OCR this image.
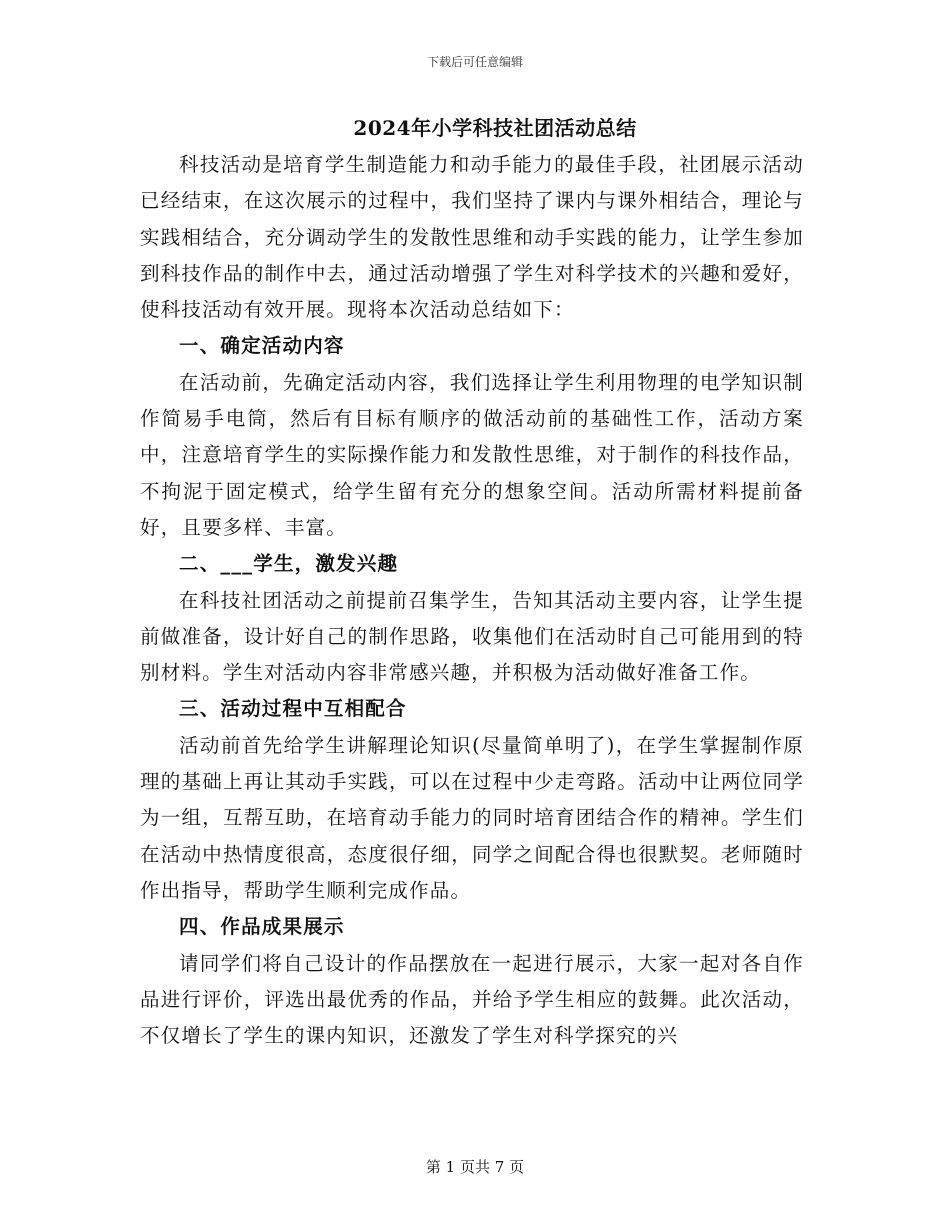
下载后可任意编辑
2024年小学科技社团活动总结

科技活动是培育学生制造能力和动手能力的最佳手段，社团展示活动已经结束，在这次展示的过程中，我们坚持了课内与课外相结合，理论与实践相结合，充分调动学生的发散性思维和动手实践的能力，让学生参加到科技作品的制作中去，通过活动增强了学生对科学技术的兴趣和爱好，使科技活动有效开展。现将本次活动总结如下：

一、确定活动内容

在活动前，先确定活动内容，我们选择让学生利用物理的电学知识制作简易手电筒，然后有目标有顺序的做活动前的基础性工作，活动方案中，注意培育学生的实际操作能力和发散性思维，对于制作的科技作品，不拘泥于固定模式，给学生留有充分的想象空间。活动所需材料提前备好，且要多样、丰富。

二、___学生，激发兴趣

在科技社团活动之前提前召集学生，告知其活动主要内容，让学生提前做准备，设计好自己的制作思路，收集他们在活动时自己可能用到的特别材料。学生对活动内容非常感兴趣，并积极为活动做好准备工作。

三、活动过程中互相配合

活动前首先给学生讲解理论知识(尽量简单明了)，在学生掌握制作原理的基础上再让其动手实践，可以在过程中少走弯路。活动中让两位同学为一组，互帮互助，在培育动手能力的同时培育团结合作的精神。学生们在活动中热情度很高，态度很仔细，同学之间配合得也很默契。老师随时作出指导，帮助学生顺利完成作品。

四、作品成果展示

请同学们将自己设计的作品摆放在一起进行展示，大家一起对各自作品进行评价，评选出最优秀的作品，并给予学生相应的鼓舞。此次活动，不仅增长了学生的课内知识，还激发了学生对科学探究的兴

第 1 页共 7 页
